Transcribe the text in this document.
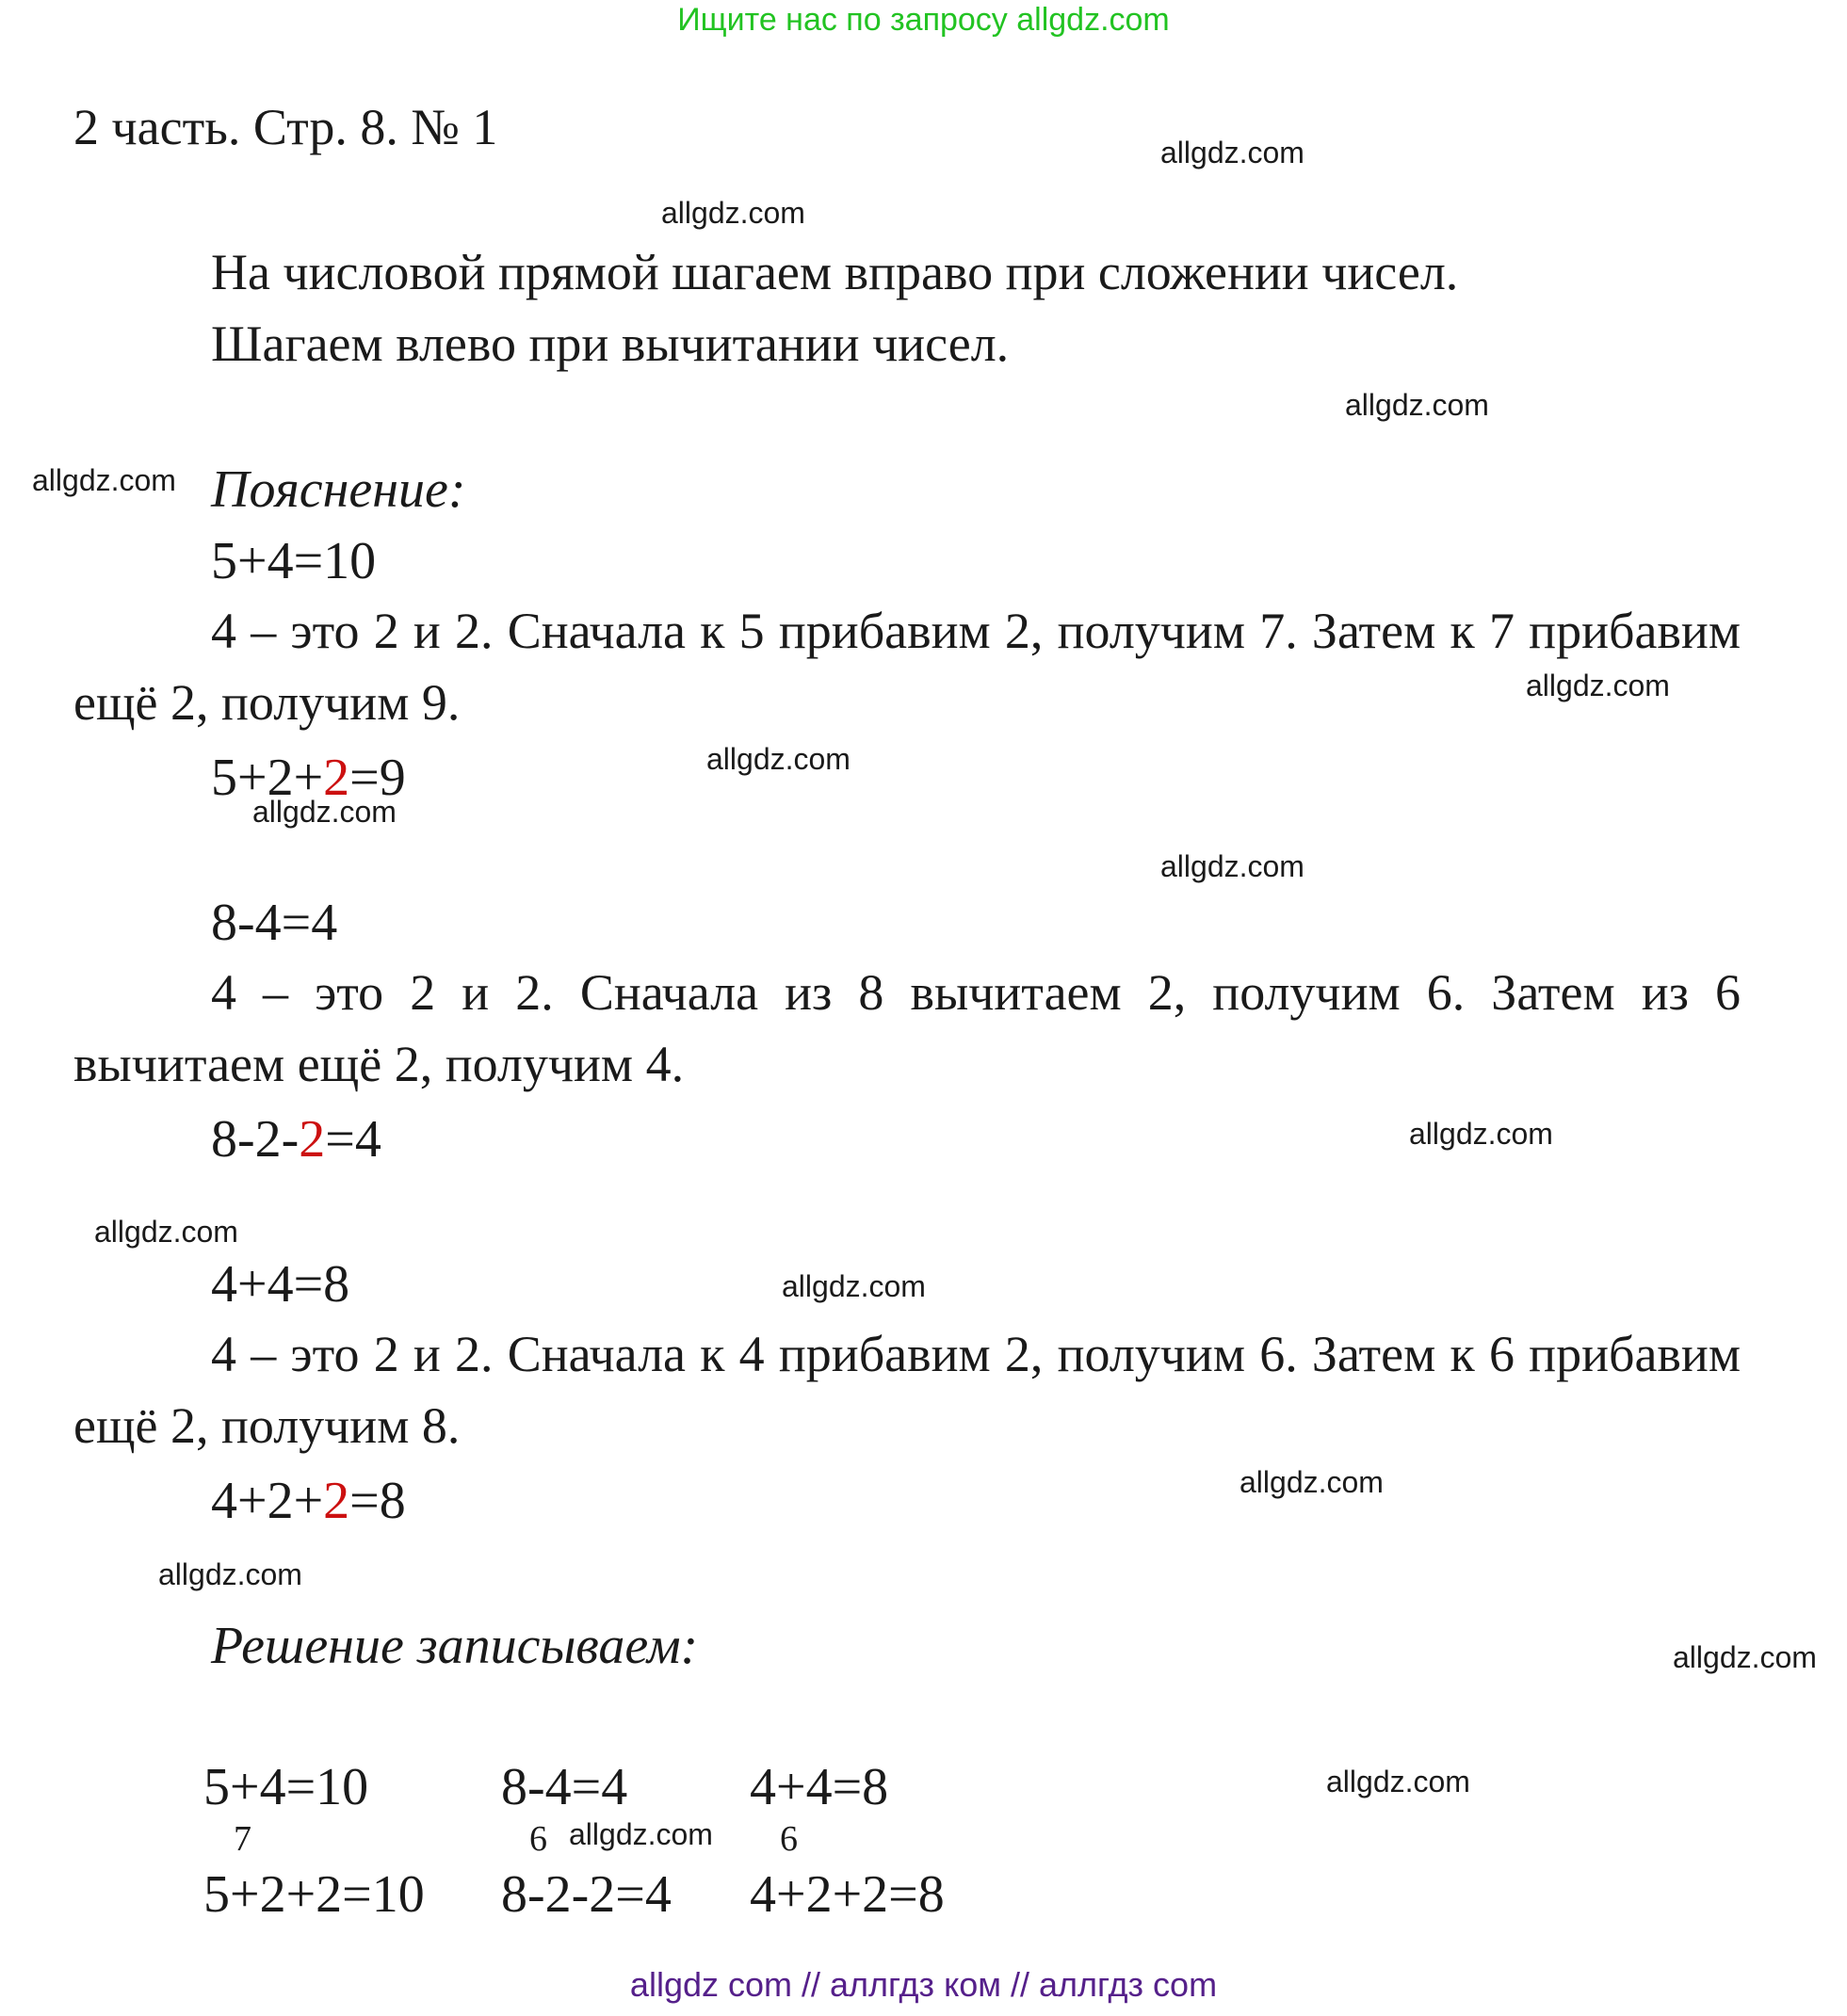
Ищите нас по запросу allgdz.com
2 часть. Стр. 8. № 1
На числовой прямой шагаем вправо при сложении чисел.
Шагаем влево при вычитании чисел.
Пояснение:
5+4=10
4 – это 2 и 2. Сначала к 5 прибавим 2, получим 7. Затем к 7 прибавим ещё 2, получим 9.
5+2+2=9
8-4=4
4 – это 2 и 2. Сначала из 8 вычитаем 2, получим 6. Затем из 6 вычитаем ещё 2, получим 4.
8-2-2=4
4+4=8
4 – это 2 и 2. Сначала к 4 прибавим 2, получим 6. Затем к 6 прибавим ещё 2, получим 8.
4+2+2=8
Решение записываем:
5+4=10
7
5+2+2=10
8-4=4
6
8-2-2=4
4+4=8
6
4+2+2=8
allgdz.com
allgdz.com
allgdz.com
allgdz.com
allgdz.com
allgdz.com
allgdz.com
allgdz.com
allgdz.com
allgdz.com
allgdz.com
allgdz.com
allgdz.com
allgdz.com
allgdz.com
allgdz.com
allgdz com // аллгдз ком // аллгдз com
